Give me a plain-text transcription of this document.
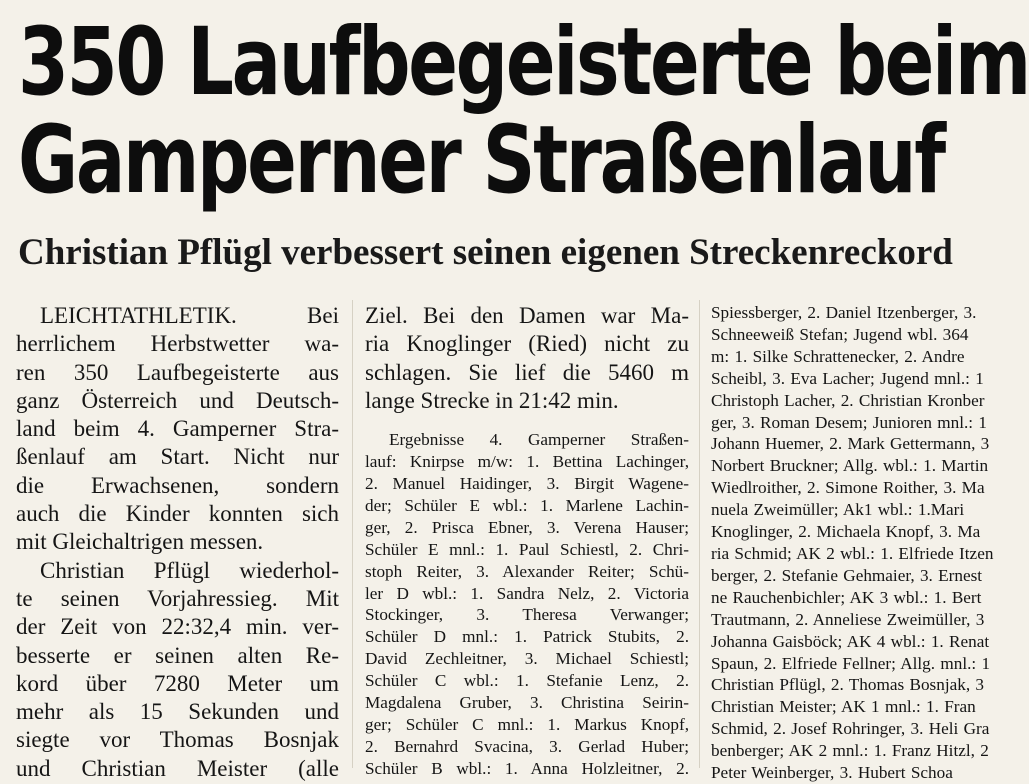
350 Laufbegeisterte beim
Gamperner Straßenlauf
Christian Pflügl verbessert seinen eigenen Streckenreckord
LEICHTATHLETIK. Bei
herrlichem Herbstwetter wa-
ren 350 Laufbegeisterte aus
ganz Österreich und Deutsch-
land beim 4. Gamperner Stra-
ßenlauf am Start. Nicht nur
die Erwachsenen, sondern
auch die Kinder konnten sich
mit Gleichaltrigen messen.
Christian Pflügl wiederhol-
te seinen Vorjahressieg. Mit
der Zeit von 22:32,4 min. ver-
besserte er seinen alten Re-
kord über 7280 Meter um
mehr als 15 Sekunden und
siegte vor Thomas Bosnjak
und Christian Meister (alle
Ziel. Bei den Damen war Ma-
ria Knoglinger (Ried) nicht zu
schlagen. Sie lief die 5460 m
lange Strecke in 21:42 min.
Ergebnisse 4. Gamperner Straßen-
lauf: Knirpse m/w: 1. Bettina Lachinger,
2. Manuel Haidinger, 3. Birgit Wagene-
der; Schüler E wbl.: 1. Marlene Lachin-
ger, 2. Prisca Ebner, 3. Verena Hauser;
Schüler E mnl.: 1. Paul Schiestl, 2. Chri-
stoph Reiter, 3. Alexander Reiter; Schü-
ler D wbl.: 1. Sandra Nelz, 2. Victoria
Stockinger, 3. Theresa Verwanger;
Schüler D mnl.: 1. Patrick Stubits, 2.
David Zechleitner, 3. Michael Schiestl;
Schüler C wbl.: 1. Stefanie Lenz, 2.
Magdalena Gruber, 3. Christina Seirin-
ger; Schüler C mnl.: 1. Markus Knopf,
2. Bernahrd Svacina, 3. Gerlad Huber;
Schüler B wbl.: 1. Anna Holzleitner, 2.
Spiessberger, 2. Daniel Itzenberger, 3.
Schneeweiß Stefan; Jugend wbl. 364
m: 1. Silke Schrattenecker, 2. Andre
Scheibl, 3. Eva Lacher; Jugend mnl.: 1
Christoph Lacher, 2. Christian Kronber
ger, 3. Roman Desem; Junioren mnl.: 1
Johann Huemer, 2. Mark Gettermann, 3
Norbert Bruckner; Allg. wbl.: 1. Martin
Wiedlroither, 2. Simone Roither, 3. Ma
nuela Zweimüller; Ak1 wbl.: 1.Mari
Knoglinger, 2. Michaela Knopf, 3. Ma
ria Schmid; AK 2 wbl.: 1. Elfriede Itzen
berger, 2. Stefanie Gehmaier, 3. Ernest
ne Rauchenbichler; AK 3 wbl.: 1. Bert
Trautmann, 2. Anneliese Zweimüller, 3
Johanna Gaisböck; AK 4 wbl.: 1. Renat
Spaun, 2. Elfriede Fellner; Allg. mnl.: 1
Christian Pflügl, 2. Thomas Bosnjak, 3
Christian Meister; AK 1 mnl.: 1. Fran
Schmid, 2. Josef Rohringer, 3. Heli Gra
benberger; AK 2 mnl.: 1. Franz Hitzl, 2
Peter Weinberger, 3. Hubert Schoa
